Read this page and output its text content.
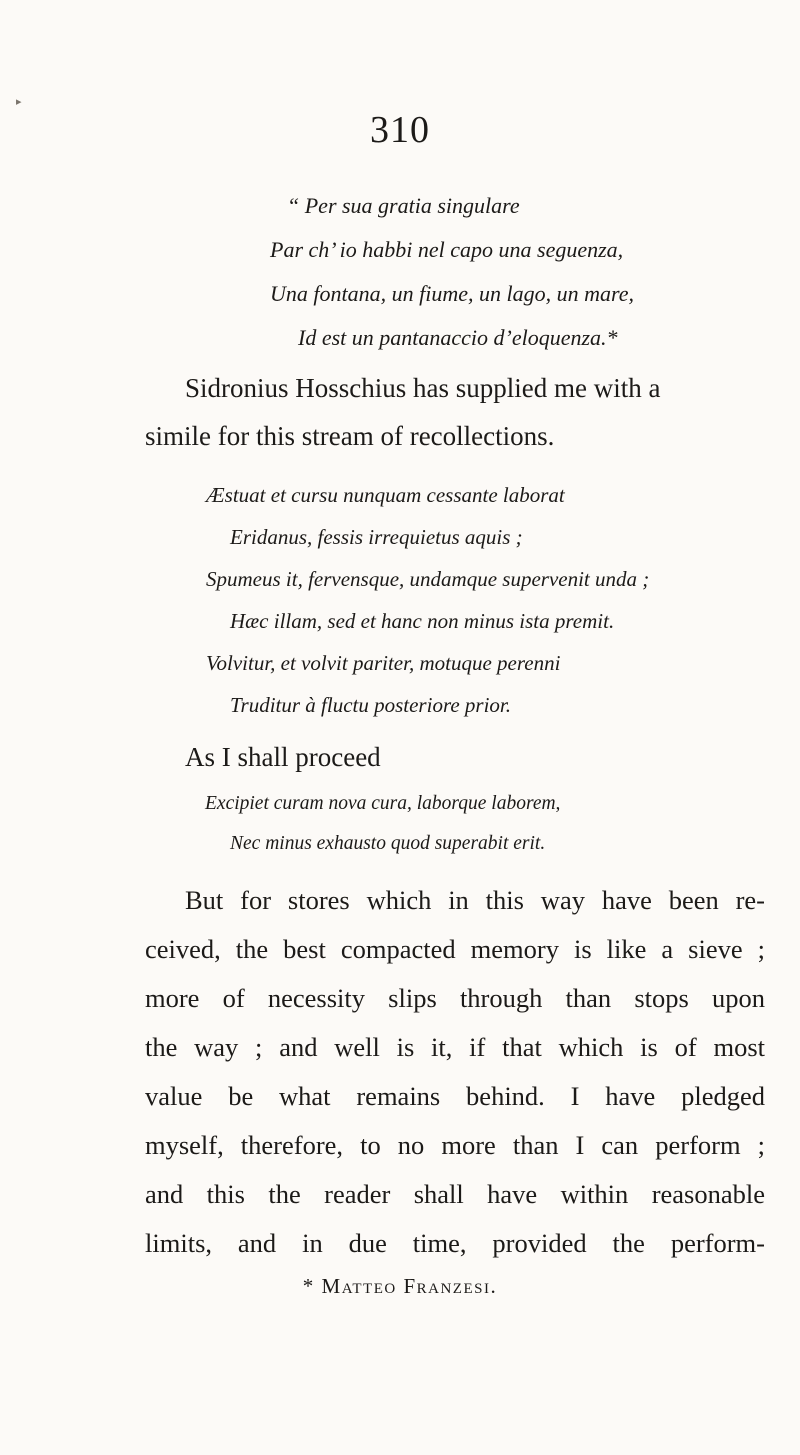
▸
310
“ Per sua gratia singulare
Par ch’ io habbi nel capo una seguenza,
Una fontana, un fiume, un lago, un mare,
Id est un pantanaccio d’eloquenza.*
Sidronius Hosschius has supplied me with a
simile for this stream of recollections.
Æstuat et cursu nunquam cessante laborat
Eridanus, fessis irrequietus aquis ;
Spumeus it, fervensque, undamque supervenit unda ;
Hæc illam, sed et hanc non minus ista premit.
Volvitur, et volvit pariter, motuque perenni
Truditur à fluctu posteriore prior.
As I shall proceed
Excipiet curam nova cura, laborque laborem,
Nec minus exhausto quod superabit erit.
But for stores which in this way have been re-
ceived, the best compacted memory is like a sieve ;
more of necessity slips through than stops upon
the way ; and well is it, if that which is of most
value be what remains behind. I have pledged
myself, therefore, to no more than I can perform ;
and this the reader shall have within reasonable
limits, and in due time, provided the perform-
* Matteo Franzesi.
